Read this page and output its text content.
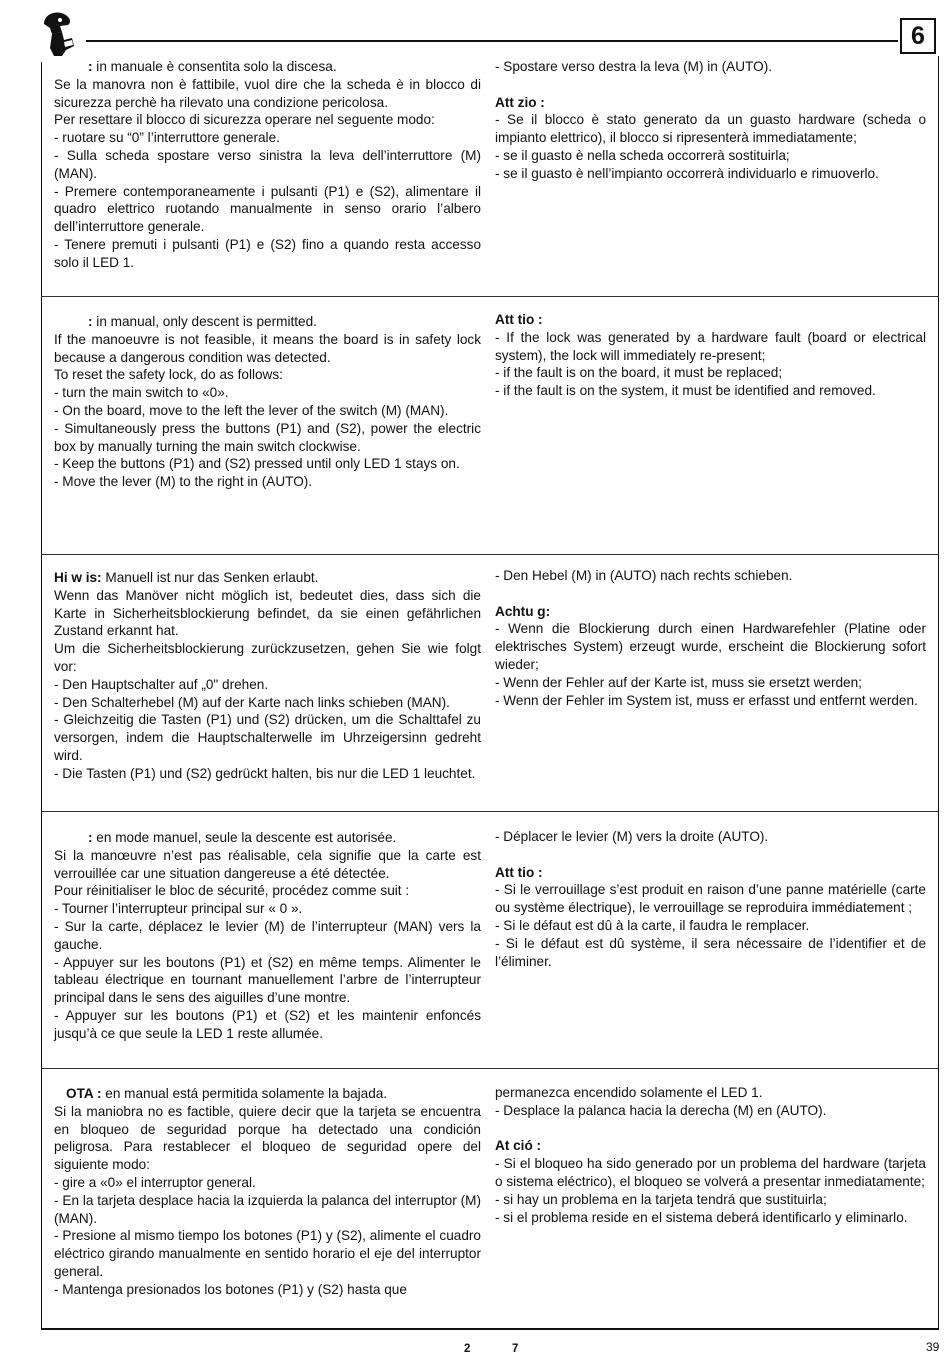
6

: in manuale è consentita solo la discesa.

Se la manovra non è fattibile, vuol dire che la scheda è in blocco di sicurezza perchè ha rilevato una condizione pericolosa.

Per resettare il blocco di sicurezza operare nel seguente modo:

- ruotare su “0” l’interruttore generale.

- Sulla scheda spostare verso sinistra la leva dell’interruttore (M) (MAN).

- Premere contemporaneamente i pulsanti (P1) e (S2), alimentare il quadro elettrico ruotando manualmente in senso orario l’albero dell’interruttore generale.

- Tenere premuti i pulsanti (P1) e (S2) fino a quando resta accesso solo il LED 1.

- Spostare verso destra la leva (M) in (AUTO).

Att zio :

- Se il blocco è stato generato da un guasto hardware (scheda o impianto elettrico), il blocco si ripresenterà immediatamente;

- se il guasto è nella scheda occorrerà sostituirla;

- se il guasto è nell’impianto occorrerà individuarlo e rimuoverlo.

: in manual, only descent is permitted.

If the manoeuvre is not feasible, it means the board is in safety lock because a dangerous condition was detected.

To reset the safety lock, do as follows:

- turn the main switch to «0».

- On the board, move to the left the lever of the switch (M) (MAN).

- Simultaneously press the buttons (P1) and (S2), power the electric box by manually turning the main switch clockwise.

- Keep the buttons (P1) and (S2) pressed until only LED 1 stays on.

- Move the lever (M) to the right in (AUTO).

Att tio :

- If the lock was generated by a hardware fault (board or electrical system), the lock will immediately re-present;

- if the fault is on the board, it must be replaced;

- if the fault is on the system, it must be identified and removed.

Hi w is: Manuell ist nur das Senken erlaubt.

Wenn das Manöver nicht möglich ist, bedeutet dies, dass sich die Karte in Sicherheitsblockierung befindet, da sie einen gefährlichen Zustand erkannt hat.

Um die Sicherheitsblockierung zurückzusetzen, gehen Sie wie folgt vor:

- Den Hauptschalter auf „0" drehen.

- Den Schalterhebel (M) auf der Karte nach links schieben (MAN).

- Gleichzeitig die Tasten (P1) und (S2) drücken, um die Schalttafel zu versorgen, indem die Hauptschalterwelle im Uhrzeigersinn gedreht wird.

- Die Tasten (P1) und (S2) gedrückt halten, bis nur die LED 1 leuchtet.

- Den Hebel (M) in (AUTO) nach rechts schieben.

Achtu g:

- Wenn die Blockierung durch einen Hardwarefehler (Platine oder elektrisches System) erzeugt wurde, erscheint die Blockierung sofort wieder;

- Wenn der Fehler auf der Karte ist, muss sie ersetzt werden;

- Wenn der Fehler im System ist, muss er erfasst und entfernt werden.

: en mode manuel, seule la descente est autorisée.

Si la manœuvre n’est pas réalisable, cela signifie que la carte est verrouillée car une situation dangereuse a été détectée.

Pour réinitialiser le bloc de sécurité, procédez comme suit :

- Tourner l’interrupteur principal sur « 0 ».

- Sur la carte, déplacez le levier (M) de l’interrupteur (MAN) vers la gauche.

- Appuyer sur les boutons (P1) et (S2) en même temps. Alimenter le tableau électrique en tournant manuellement l’arbre de l’interrupteur principal dans le sens des aiguilles d’une montre.

- Appuyer sur les boutons (P1) et (S2) et les maintenir enfoncés jusqu’à ce que seule la LED 1 reste allumée.

- Déplacer le levier (M) vers la droite (AUTO).

Att tio :

- Si le verrouillage s’est produit en raison d’une panne matérielle (carte ou système électrique), le verrouillage se reproduira immédiatement ;

- Si le défaut est dû à la carte, il faudra le remplacer.

- Si le défaut est dû système, il sera nécessaire de l’identifier et de l’éliminer.

OTA : en manual está permitida solamente la bajada.

Si la maniobra no es factible, quiere decir que la tarjeta se encuentra en bloqueo de seguridad porque ha detectado una condición peligrosa. Para restablecer el bloqueo de seguridad opere del siguiente modo:

- gire a «0» el interruptor general.

- En la tarjeta desplace hacia la izquierda la palanca del interruptor (M) (MAN).

- Presione al mismo tiempo los botones (P1) y (S2), alimente el cuadro eléctrico girando manualmente en sentido horario el eje del interruptor general.

- Mantenga presionados los botones (P1) y (S2) hasta que

permanezca encendido solamente el LED 1.

- Desplace la palanca hacia la derecha (M) en (AUTO).

At ció :

- Si el bloqueo ha sido generado por un problema del hardware (tarjeta o sistema eléctrico), el bloqueo se volverá a presentar inmediatamente;

- si hay un problema en la tarjeta tendrá que sustituirla;

- si el problema reside en el sistema deberá identificarlo y eliminarlo.

2	7	39
